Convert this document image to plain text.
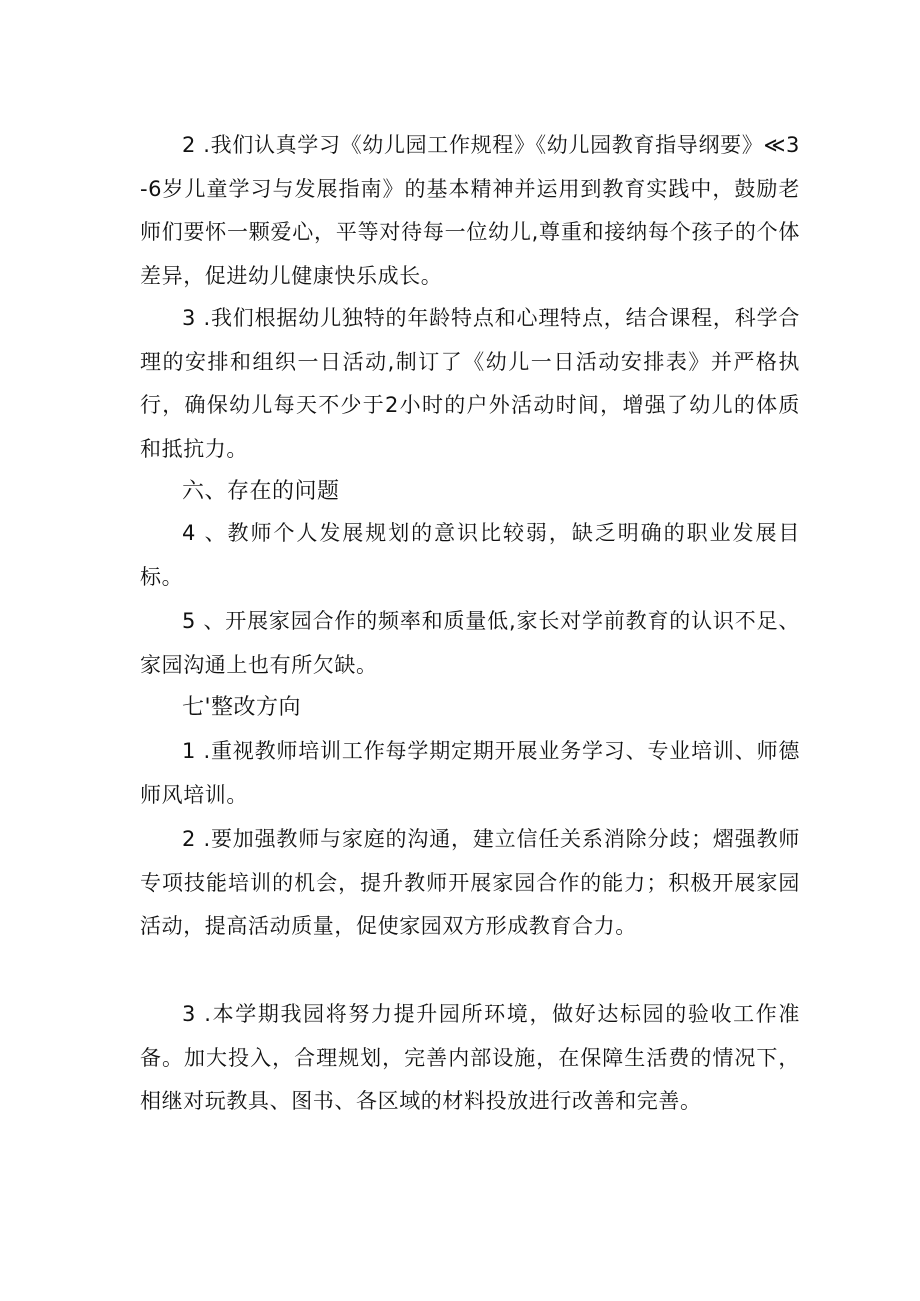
2 .我们认真学习《幼儿园工作规程》《幼儿园教育指导纲要》≪3-6岁儿童学习与发展指南》的基本精神并运用到教育实践中，鼓励老师们要怀一颗爱心，平等对待每一位幼儿,尊重和接纳每个孩子的个体差异，促进幼儿健康快乐成长。

3 .我们根据幼儿独特的年龄特点和心理特点，结合课程，科学合理的安排和组织一日活动,制订了《幼儿一日活动安排表》并严格执行，确保幼儿每天不少于2小时的户外活动时间，增强了幼儿的体质和抵抗力。

六、存在的问题

4 、教师个人发展规划的意识比较弱，缺乏明确的职业发展目标。

5 、开展家园合作的频率和质量低,家长对学前教育的认识不足、家园沟通上也有所欠缺。

七'整改方向

1 .重视教师培训工作每学期定期开展业务学习、专业培训、师德师风培训。

2 .要加强教师与家庭的沟通，建立信任关系消除分歧；熠强教师专项技能培训的机会，提升教师开展家园合作的能力；积极开展家园活动，提高活动质量，促使家园双方形成教育合力。

3 .本学期我园将努力提升园所环境，做好达标园的验收工作准备。加大投入，合理规划，完善内部设施，在保障生活费的情况下，相继对玩教具、图书、各区域的材料投放进行改善和完善。
